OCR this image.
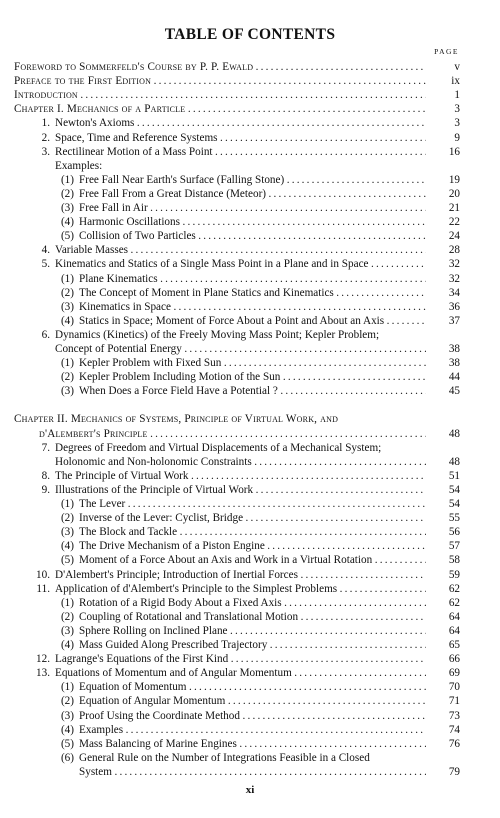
TABLE OF CONTENTS
PAGE
Foreword to Sommerfeld's Course by P. P. Ewald . . .	v
Preface to the First Edition . . .	ix
Introduction . . .	1
Chapter I. Mechanics of a Particle . . .	3
1. Newton's Axioms . . .	3
2. Space, Time and Reference Systems . . .	9
3. Rectilinear Motion of a Mass Point . . .	16
Examples:
(1) Free Fall Near Earth's Surface (Falling Stone) . . .	19
(2) Free Fall From a Great Distance (Meteor) . . .	20
(3) Free Fall in Air . . .	21
(4) Harmonic Oscillations . . .	22
(5) Collision of Two Particles . . .	24
4. Variable Masses . . .	28
5. Kinematics and Statics of a Single Mass Point in a Plane and in Space . . .	32
(1) Plane Kinematics . . .	32
(2) The Concept of Moment in Plane Statics and Kinematics . . .	34
(3) Kinematics in Space . . .	36
(4) Statics in Space; Moment of Force About a Point and About an Axis . . .	37
6. Dynamics (Kinetics) of the Freely Moving Mass Point; Kepler Problem;
Concept of Potential Energy . . .	38
(1) Kepler Problem with Fixed Sun . . .	38
(2) Kepler Problem Including Motion of the Sun . . .	44
(3) When Does a Force Field Have a Potential ? . . .	45
Chapter II. Mechanics of Systems, Principle of Virtual Work, and
d'Alembert's Principle . . .	48
7. Degrees of Freedom and Virtual Displacements of a Mechanical System;
Holonomic and Non-holonomic Constraints . . .	48
8. The Principle of Virtual Work . . .	51
9. Illustrations of the Principle of Virtual Work . . .	54
(1) The Lever . . .	54
(2) Inverse of the Lever: Cyclist, Bridge . . .	55
(3) The Block and Tackle . . .	56
(4) The Drive Mechanism of a Piston Engine . . .	57
(5) Moment of a Force About an Axis and Work in a Virtual Rotation . . .	58
10. D'Alembert's Principle; Introduction of Inertial Forces . . .	59
11. Application of d'Alembert's Principle to the Simplest Problems . . .	62
(1) Rotation of a Rigid Body About a Fixed Axis . . .	62
(2) Coupling of Rotational and Translational Motion . . .	64
(3) Sphere Rolling on Inclined Plane . . .	64
(4) Mass Guided Along Prescribed Trajectory . . .	65
12. Lagrange's Equations of the First Kind . . .	66
13. Equations of Momentum and of Angular Momentum . . .	69
(1) Equation of Momentum . . .	70
(2) Equation of Angular Momentum . . .	71
(3) Proof Using the Coordinate Method . . .	73
(4) Examples . . .	74
(5) Mass Balancing of Marine Engines . . .	76
(6) General Rule on the Number of Integrations Feasible in a Closed
System . . .	79
xi
